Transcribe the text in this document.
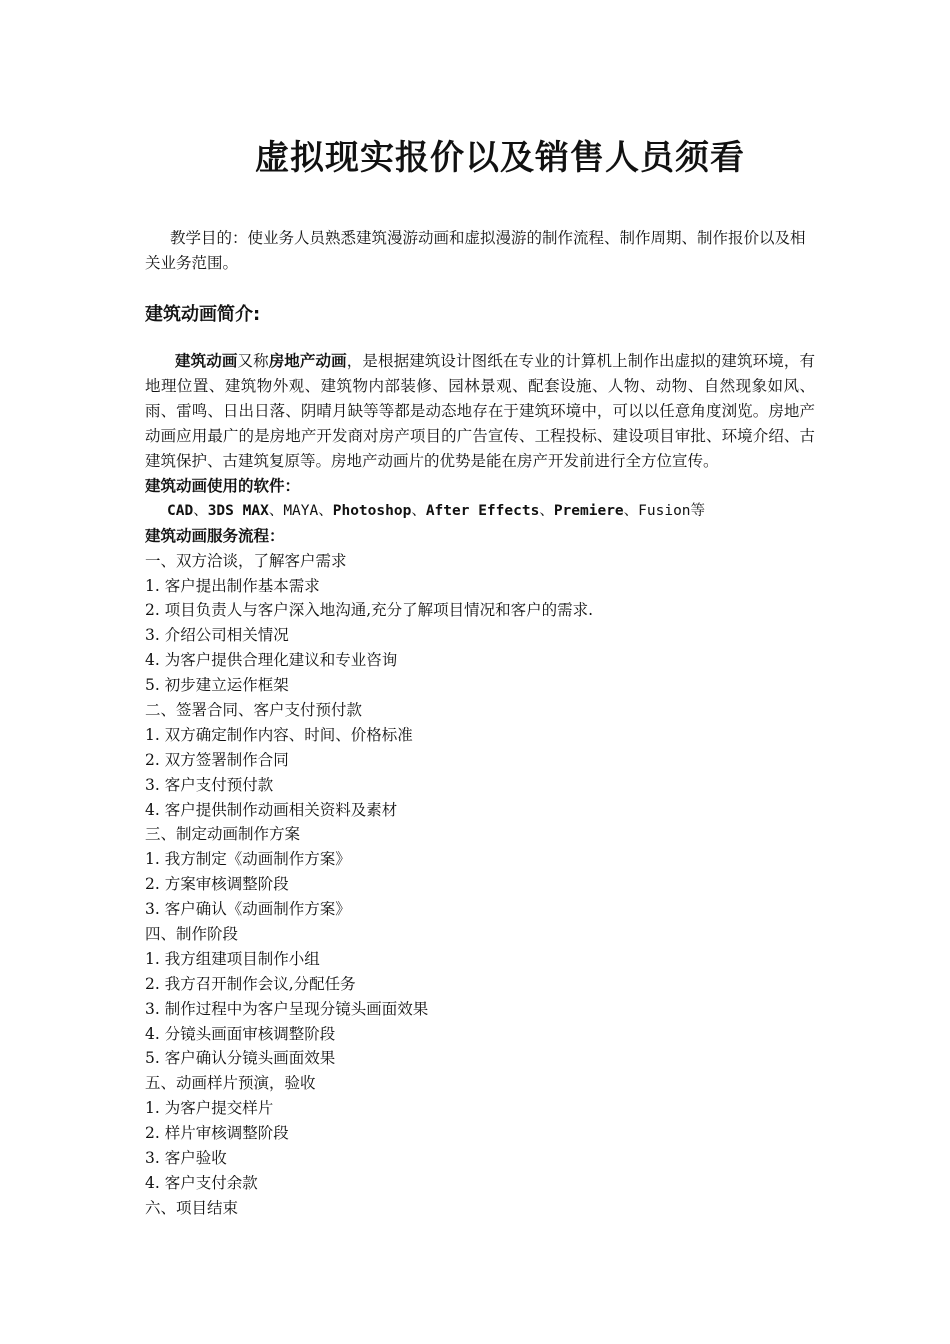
虚拟现实报价以及销售人员须看
教学目的：使业务人员熟悉建筑漫游动画和虚拟漫游的制作流程、制作周期、制作报价以及相关业务范围。
建筑动画简介:
建筑动画又称房地产动画，是根据建筑设计图纸在专业的计算机上制作出虚拟的建筑环境，有地理位置、建筑物外观、建筑物内部装修、园林景观、配套设施、人物、动物、自然现象如风、雨、雷鸣、日出日落、阴晴月缺等等都是动态地存在于建筑环境中，可以以任意角度浏览。房地产动画应用最广的是房地产开发商对房产项目的广告宣传、工程投标、建设项目审批、环境介绍、古建筑保护、古建筑复原等。房地产动画片的优势是能在房产开发前进行全方位宣传。
建筑动画使用的软件：
CAD、3DS MAX、MAYA、Photoshop、After Effects、Premiere、Fusion等
建筑动画服务流程：
一、双方洽谈，了解客户需求
1. 客户提出制作基本需求
2. 项目负责人与客户深入地沟通,充分了解项目情况和客户的需求.
3. 介绍公司相关情况
4. 为客户提供合理化建议和专业咨询
5. 初步建立运作框架
二、签署合同、客户支付预付款
1. 双方确定制作内容、时间、价格标准
2. 双方签署制作合同
3. 客户支付预付款
4. 客户提供制作动画相关资料及素材
三、制定动画制作方案
1. 我方制定《动画制作方案》
2. 方案审核调整阶段
3. 客户确认《动画制作方案》
四、制作阶段
1. 我方组建项目制作小组
2. 我方召开制作会议,分配任务
3. 制作过程中为客户呈现分镜头画面效果
4. 分镜头画面审核调整阶段
5. 客户确认分镜头画面效果
五、动画样片预演，验收
1. 为客户提交样片
2. 样片审核调整阶段
3. 客户验收
4. 客户支付余款
六、项目结束
